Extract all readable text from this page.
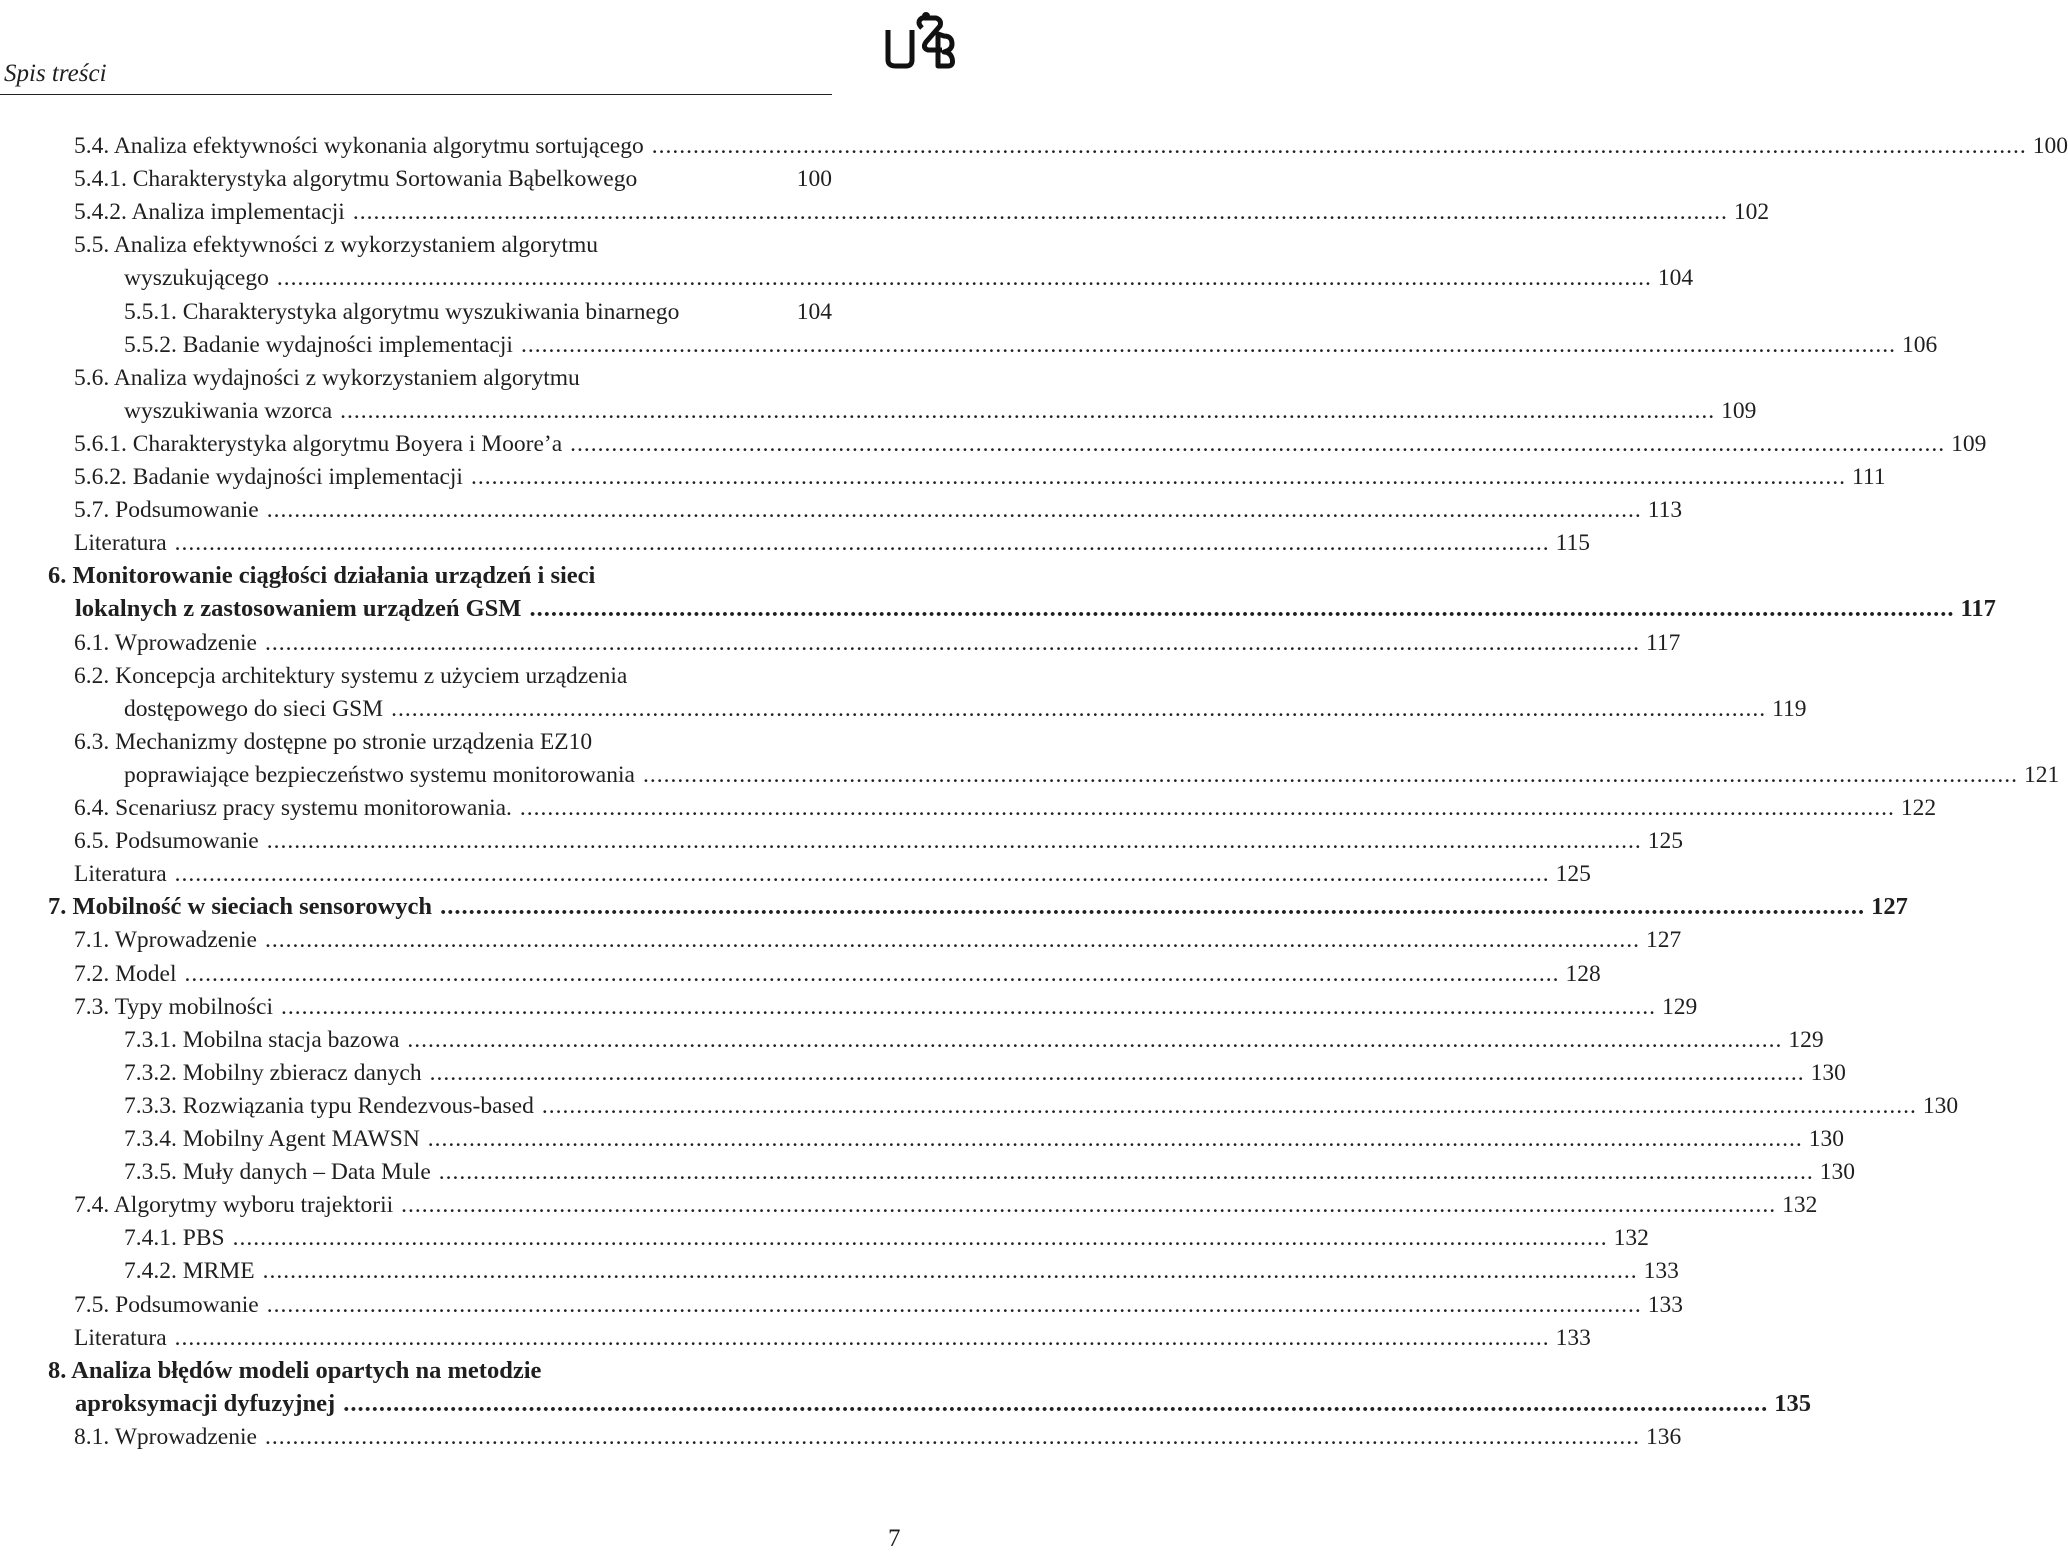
Spis treści
5.4. Analiza efektywności wykonania algorytmu sortującego ........................................................................................................................................................................................................ 100
5.4.1. Charakterystyka algorytmu Sortowania Bąbelkowego	100
5.4.2. Analiza implementacji ........................................................................................................................................................................................................ 102
5.5. Analiza efektywności z wykorzystaniem algorytmu
wyszukującego ........................................................................................................................................................................................................ 104
5.5.1. Charakterystyka algorytmu wyszukiwania binarnego	104
5.5.2. Badanie wydajności implementacji ........................................................................................................................................................................................................ 106
5.6. Analiza wydajności z wykorzystaniem algorytmu
wyszukiwania wzorca ........................................................................................................................................................................................................ 109
5.6.1. Charakterystyka algorytmu Boyera i Moore’a ........................................................................................................................................................................................................ 109
5.6.2. Badanie wydajności implementacji ........................................................................................................................................................................................................ 111
5.7. Podsumowanie ........................................................................................................................................................................................................ 113
Literatura ........................................................................................................................................................................................................ 115
6. Monitorowanie ciągłości działania urządzeń i sieci
lokalnych z zastosowaniem urządzeń GSM ........................................................................................................................................................................................................ 117
6.1. Wprowadzenie ........................................................................................................................................................................................................ 117
6.2. Koncepcja architektury systemu z użyciem urządzenia
dostępowego do sieci GSM ........................................................................................................................................................................................................ 119
6.3. Mechanizmy dostępne po stronie urządzenia EZ10
poprawiające bezpieczeństwo systemu monitorowania ........................................................................................................................................................................................................ 121
6.4. Scenariusz pracy systemu monitorowania. ........................................................................................................................................................................................................ 122
6.5. Podsumowanie ........................................................................................................................................................................................................ 125
Literatura ........................................................................................................................................................................................................ 125
7. Mobilność w sieciach sensorowych ........................................................................................................................................................................................................ 127
7.1. Wprowadzenie ........................................................................................................................................................................................................ 127
7.2. Model ........................................................................................................................................................................................................ 128
7.3. Typy mobilności ........................................................................................................................................................................................................ 129
7.3.1. Mobilna stacja bazowa ........................................................................................................................................................................................................ 129
7.3.2. Mobilny zbieracz danych ........................................................................................................................................................................................................ 130
7.3.3. Rozwiązania typu Rendezvous-based ........................................................................................................................................................................................................ 130
7.3.4. Mobilny Agent MAWSN ........................................................................................................................................................................................................ 130
7.3.5. Muły danych – Data Mule ........................................................................................................................................................................................................ 130
7.4. Algorytmy wyboru trajektorii ........................................................................................................................................................................................................ 132
7.4.1. PBS ........................................................................................................................................................................................................ 132
7.4.2. MRME ........................................................................................................................................................................................................ 133
7.5. Podsumowanie ........................................................................................................................................................................................................ 133
Literatura ........................................................................................................................................................................................................ 133
8. Analiza błędów modeli opartych na metodzie
aproksymacji dyfuzyjnej ........................................................................................................................................................................................................ 135
8.1. Wprowadzenie ........................................................................................................................................................................................................ 136
7
